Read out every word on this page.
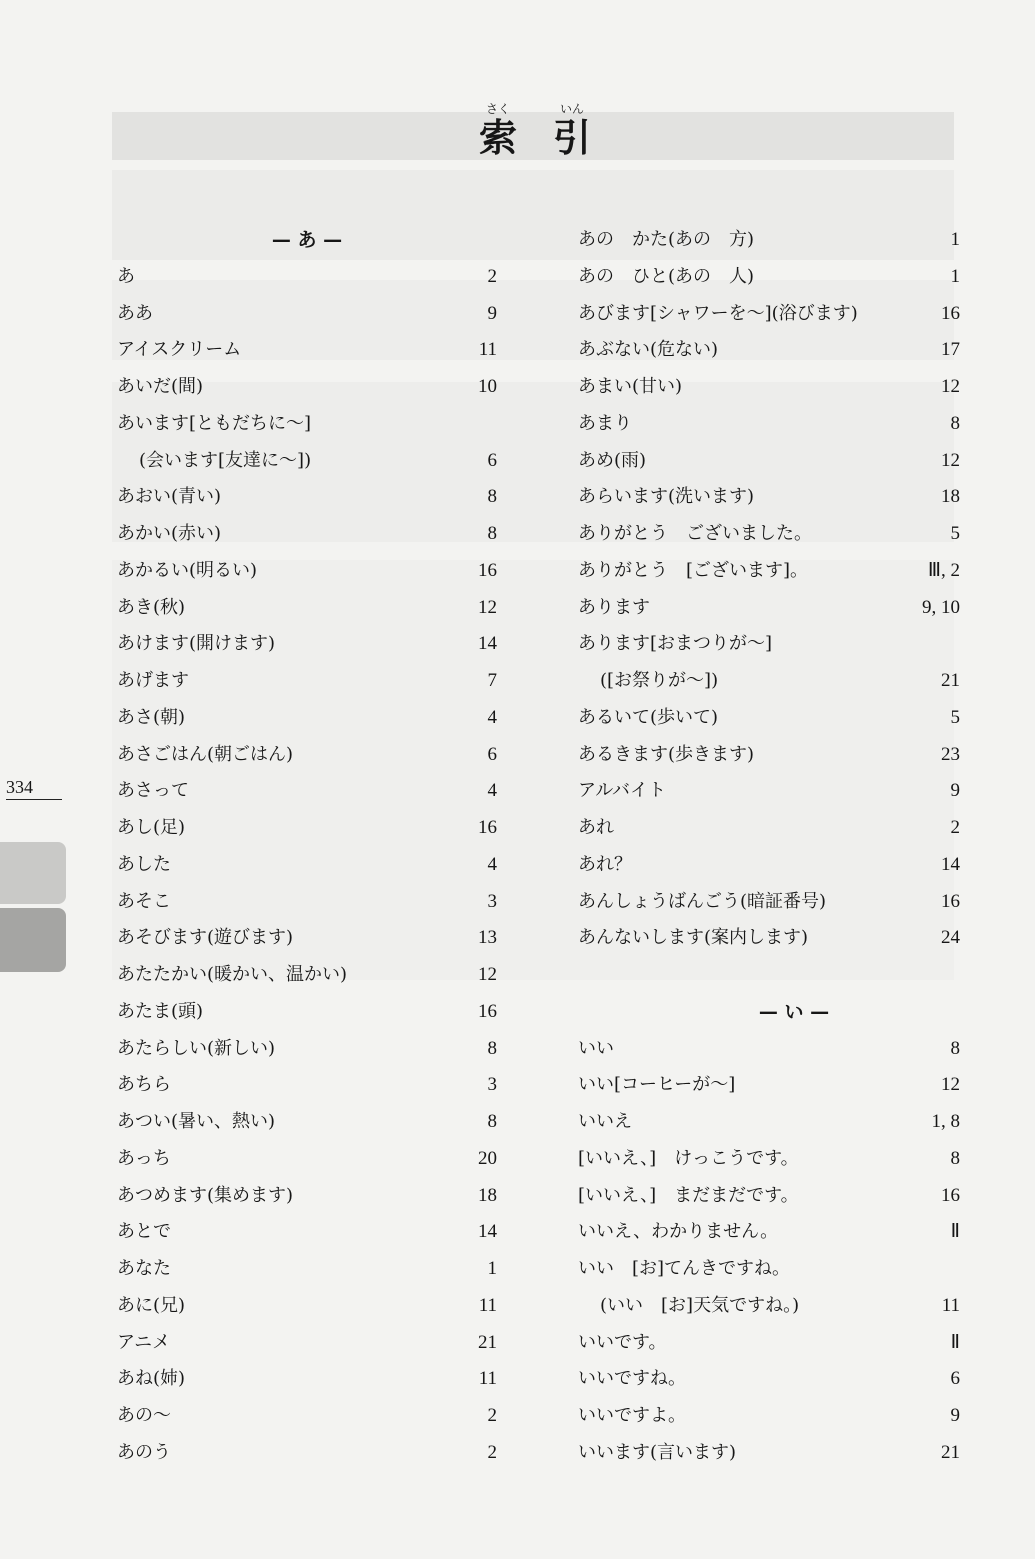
さく
索
いん
引
— あ —
あ	2
ああ	9
アイスクリーム	11
あいだ(間)	10
あいます[ともだちに〜]
(会います[友達に〜])	6
あおい(青い)	8
あかい(赤い)	8
あかるい(明るい)	16
あき(秋)	12
あけます(開けます)	14
あげます	7
あさ(朝)	4
あさごはん(朝ごはん)	6
あさって	4
あし(足)	16
あした	4
あそこ	3
あそびます(遊びます)	13
あたたかい(暖かい、温かい)	12
あたま(頭)	16
あたらしい(新しい)	8
あちら	3
あつい(暑い、熱い)	8
あっち	20
あつめます(集めます)	18
あとで	14
あなた	1
あに(兄)	11
アニメ	21
あね(姉)	11
あの〜	2
あのう	2
あの　かた(あの　方)	1
あの　ひと(あの　人)	1
あびます[シャワーを〜](浴びます)	16
あぶない(危ない)	17
あまい(甘い)	12
あまり	8
あめ(雨)	12
あらいます(洗います)	18
ありがとう　ございました。	5
ありがとう　[ございます]。	Ⅲ, 2
あります	9, 10
あります[おまつりが〜]
([お祭りが〜])	21
あるいて(歩いて)	5
あるきます(歩きます)	23
アルバイト	9
あれ	2
あれ？	14
あんしょうばんごう(暗証番号)	16
あんないします(案内します)	24
— い —
いい	8
いい[コーヒーが〜]	12
いいえ	1, 8
[いいえ、]　けっこうです。	8
[いいえ、]　まだまだです。	16
いいえ、わかりません。	Ⅱ
いい　[お]てんきですね。
(いい　[お]天気ですね。)	11
いいです。	Ⅱ
いいですね。	6
いいですよ。	9
いいます(言います)	21
334
